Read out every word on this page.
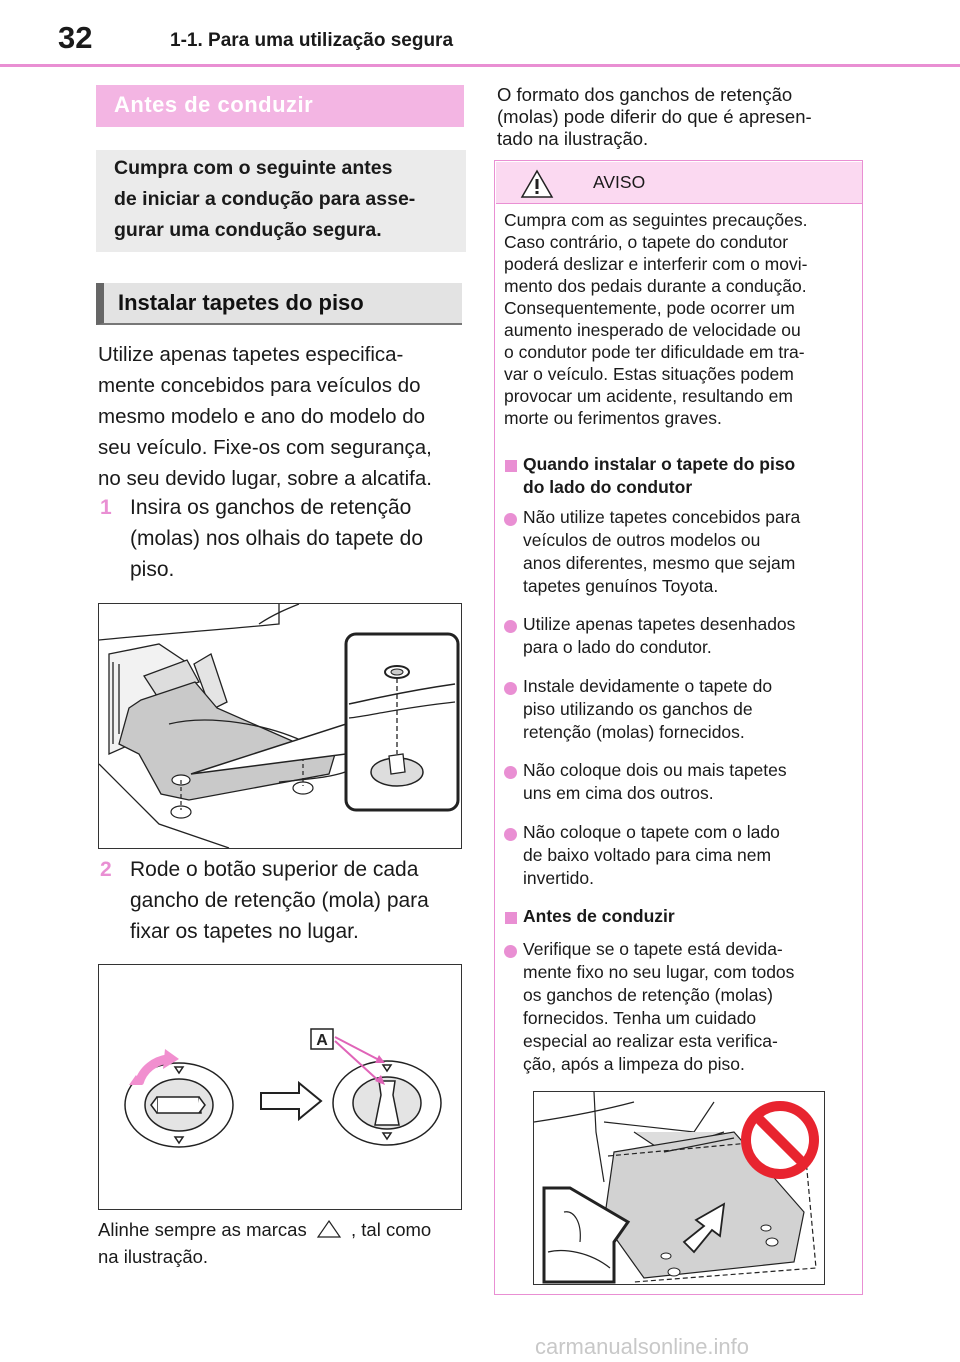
32	1-1. Para uma utilização segura
Antes de conduzir
Cumpra com o seguinte antes
de iniciar a condução para asse-
gurar uma condução segura.
Instalar tapetes do piso
Utilize apenas tapetes especifica-
mente concebidos para veículos do
mesmo modelo e ano do modelo do
seu veículo. Fixe-os com segurança,
no seu devido lugar, sobre a alcatifa.
1 Insira os ganchos de retenção
(molas) nos olhais do tapete do
piso.
2 Rode o botão superior de cada
gancho de retenção (mola) para
fixar os tapetes no lugar.
A
Alinhe sempre as marcas , tal como
na ilustração.
O formato dos ganchos de retenção
(molas) pode diferir do que é apresen-
tado na ilustração.
AVISO
Cumpra com as seguintes precauções.
Caso contrário, o tapete do condutor
poderá deslizar e interferir com o movi-
mento dos pedais durante a condução.
Consequentemente, pode ocorrer um
aumento inesperado de velocidade ou
o condutor pode ter dificuldade em tra-
var o veículo. Estas situações podem
provocar um acidente, resultando em
morte ou ferimentos graves.
Quando instalar o tapete do piso
do lado do condutor
Não utilize tapetes concebidos para
veículos de outros modelos ou
anos diferentes, mesmo que sejam
tapetes genuínos Toyota.
Utilize apenas tapetes desenhados
para o lado do condutor.
Instale devidamente o tapete do
piso utilizando os ganchos de
retenção (molas) fornecidos.
Não coloque dois ou mais tapetes
uns em cima dos outros.
Não coloque o tapete com o lado
de baixo voltado para cima nem
invertido.
Antes de conduzir
Verifique se o tapete está devida-
mente fixo no seu lugar, com todos
os ganchos de retenção (molas)
fornecidos. Tenha um cuidado
especial ao realizar esta verifica-
ção, após a limpeza do piso.
carmanualsonline.info
